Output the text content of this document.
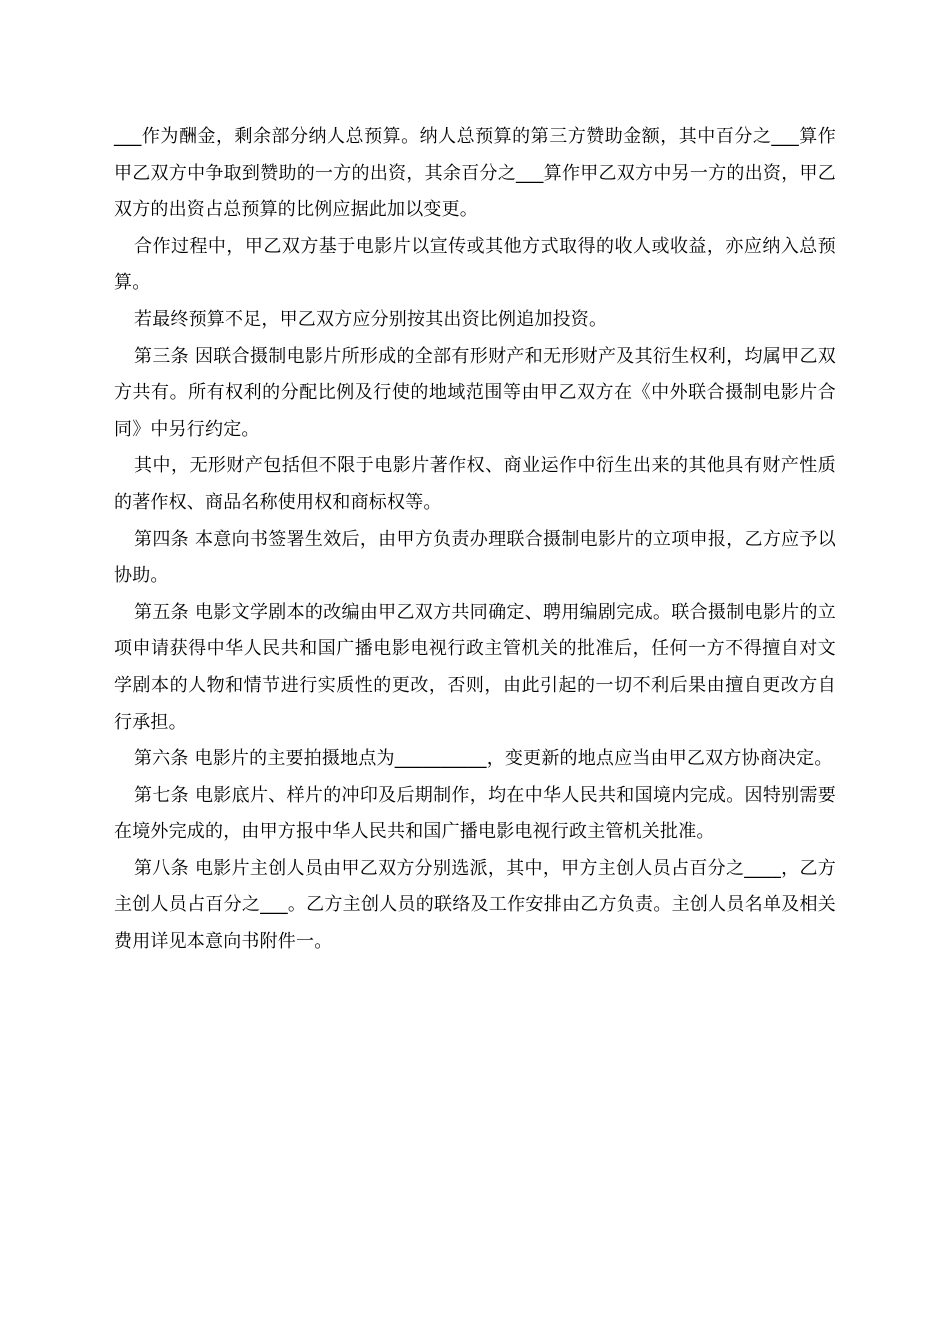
___作为酬金，剩余部分纳人总预算。纳人总预算的第三方赞助金额，其中百分之___算作甲乙双方中争取到赞助的一方的出资，其余百分之___算作甲乙双方中另一方的出资，甲乙双方的出资占总预算的比例应据此加以变更。

合作过程中，甲乙双方基于电影片以宣传或其他方式取得的收人或收益，亦应纳入总预算。

若最终预算不足，甲乙双方应分别按其出资比例追加投资。

第三条 因联合摄制电影片所形成的全部有形财产和无形财产及其衍生权利，均属甲乙双方共有。所有权利的分配比例及行使的地域范围等由甲乙双方在《中外联合摄制电影片合同》中另行约定。

其中，无形财产包括但不限于电影片著作权、商业运作中衍生出来的其他具有财产性质的著作权、商品名称使用权和商标权等。

第四条 本意向书签署生效后，由甲方负责办理联合摄制电影片的立项申报，乙方应予以协助。

第五条 电影文学剧本的改编由甲乙双方共同确定、聘用编剧完成。联合摄制电影片的立项申请获得中华人民共和国广播电影电视行政主管机关的批准后，任何一方不得擅自对文学剧本的人物和情节进行实质性的更改，否则，由此引起的一切不利后果由擅自更改方自行承担。

第六条 电影片的主要拍摄地点为__________，变更新的地点应当由甲乙双方协商决定。

第七条 电影底片、样片的冲印及后期制作，均在中华人民共和国境内完成。因特别需要在境外完成的，由甲方报中华人民共和国广播电影电视行政主管机关批准。

第八条 电影片主创人员由甲乙双方分别选派，其中，甲方主创人员占百分之____，乙方主创人员占百分之___。乙方主创人员的联络及工作安排由乙方负责。主创人员名单及相关费用详见本意向书附件一。
